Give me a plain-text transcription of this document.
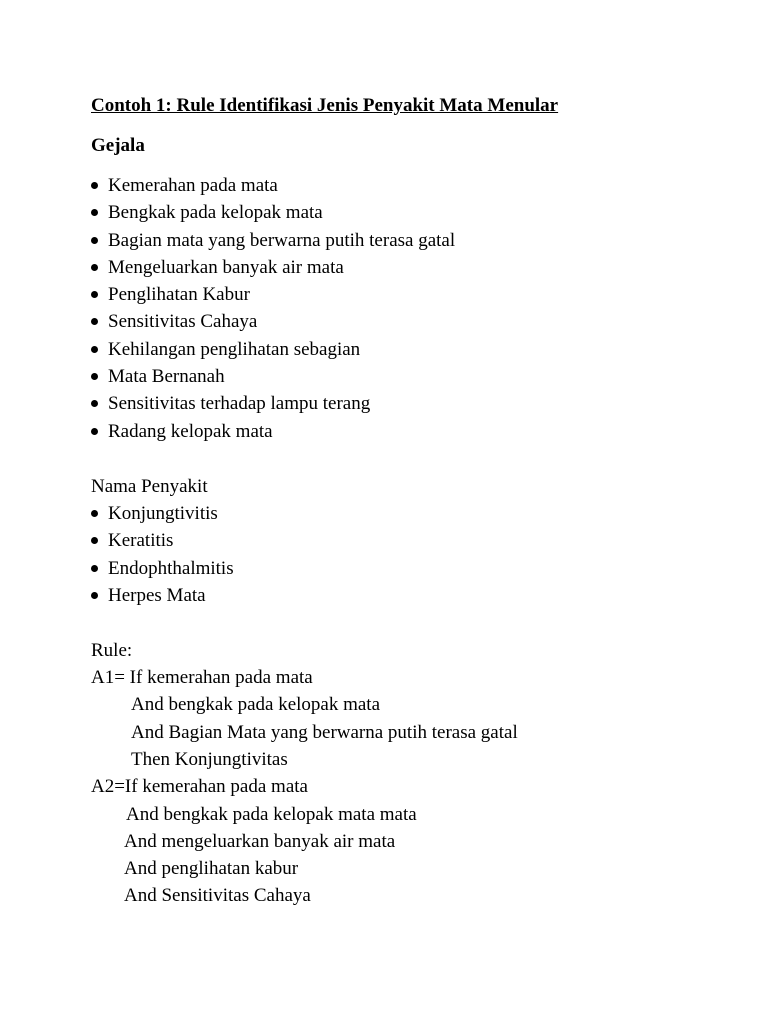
Contoh 1: Rule Identifikasi Jenis Penyakit Mata Menular
Gejala
Kemerahan pada mata
Bengkak pada kelopak mata
Bagian mata yang berwarna putih terasa gatal
Mengeluarkan banyak air mata
Penglihatan Kabur
Sensitivitas Cahaya
Kehilangan penglihatan sebagian
Mata Bernanah
Sensitivitas terhadap lampu terang
Radang kelopak mata
Nama Penyakit
Konjungtivitis
Keratitis
Endophthalmitis
Herpes Mata
Rule:
A1= If kemerahan pada mata
And bengkak pada kelopak mata
And Bagian Mata yang berwarna putih terasa gatal
Then Konjungtivitas
A2=If kemerahan pada mata
And bengkak pada kelopak mata mata
And mengeluarkan banyak air mata
And penglihatan kabur
And Sensitivitas Cahaya
